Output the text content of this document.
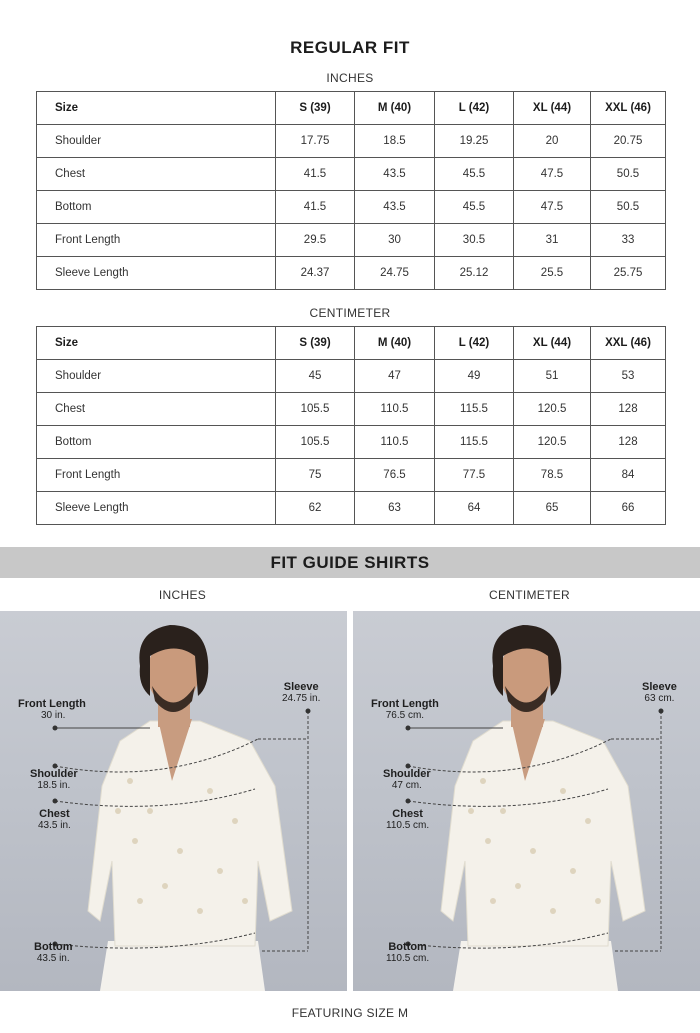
REGULAR FIT
INCHES
Size	S (39)	M (40)	L (42)	XL (44)	XXL (46)
Shoulder	17.75	18.5	19.25	20	20.75
Chest	41.5	43.5	45.5	47.5	50.5
Bottom	41.5	43.5	45.5	47.5	50.5
Front Length	29.5	30	30.5	31	33
Sleeve Length	24.37	24.75	25.12	25.5	25.75
CENTIMETER
Size	S (39)	M (40)	L (42)	XL (44)	XXL (46)
Shoulder	45	47	49	51	53
Chest	105.5	110.5	115.5	120.5	128
Bottom	105.5	110.5	115.5	120.5	128
Front Length	75	76.5	77.5	78.5	84
Sleeve Length	62	63	64	65	66
FIT GUIDE SHIRTS
INCHES	CENTIMETER
Front Length
30 in.
Sleeve
24.75 in.
Shoulder
18.5 in.
Chest
43.5 in.
Bottom
43.5 in.
Front Length
76.5 cm.
Sleeve
63 cm.
Shoulder
47 cm.
Chest
110.5 cm.
Bottom
110.5 cm.
FEATURING SIZE M
